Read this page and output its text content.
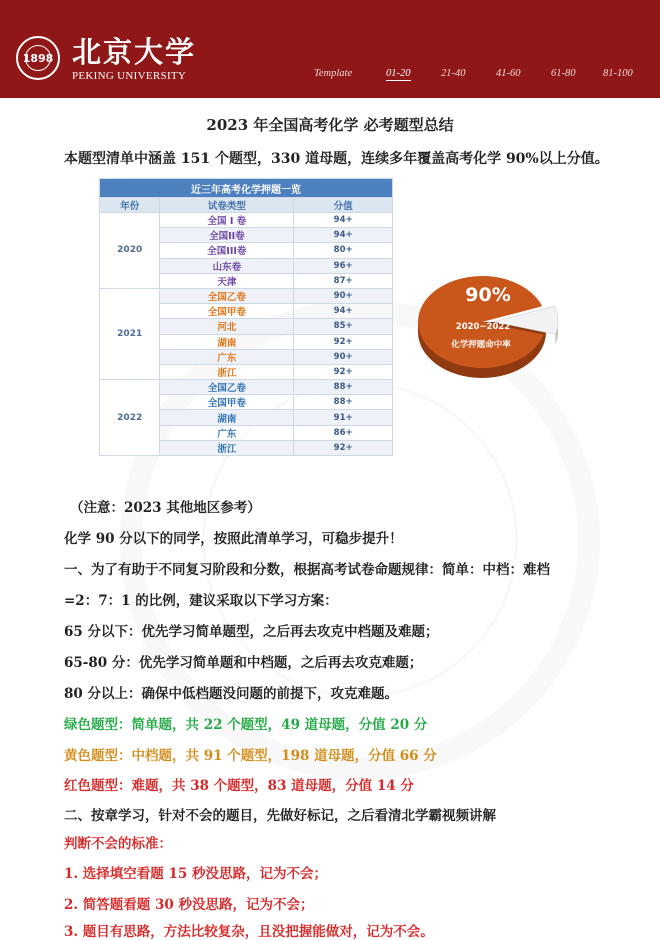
1898 北京大学
PEKING UNIVERSITY	Template	01-20	21-40	41-60	61-80	81-100
2023 年全国高考化学 必考题型总结
本题型清单中涵盖 151 个题型，330 道母题，连续多年覆盖高考化学 90%以上分值。
近三年高考化学押题一览		
年份	试卷类型	分值
2020	全国 I 卷	94+
	全国II卷	94+
	全国III卷	80+
	山东卷	96+
	天津	87+
2021	全国乙卷	90+
	全国甲卷	94+
	河北	85+
	湖南	92+
	广东	90+
	浙江	92+
2022	全国乙卷	88+
	全国甲卷	88+
	湖南	91+
	广东	86+
	浙江	92+
90%
2020~2022
化学押题命中率
（注意：2023 其他地区参考）
化学 90 分以下的同学，按照此清单学习，可稳步提升！
一、为了有助于不同复习阶段和分数，根据高考试卷命题规律：简单：中档：难档
=2：7：1 的比例，建议采取以下学习方案：
65 分以下：优先学习简单题型，之后再去攻克中档题及难题；
65-80 分：优先学习简单题和中档题，之后再去攻克难题；
80 分以上：确保中低档题没问题的前提下，攻克难题。
绿色题型：简单题，共 22 个题型，49 道母题，分值 20 分
黄色题型：中档题，共 91 个题型，198 道母题，分值 66 分
红色题型：难题，共 38 个题型，83 道母题，分值 14 分
二、按章学习，针对不会的题目，先做好标记，之后看清北学霸视频讲解
判断不会的标准：
1. 选择填空看题 15 秒没思路，记为不会；
2. 简答题看题 30 秒没思路，记为不会；
3. 题目有思路，方法比较复杂，且没把握能做对，记为不会。
